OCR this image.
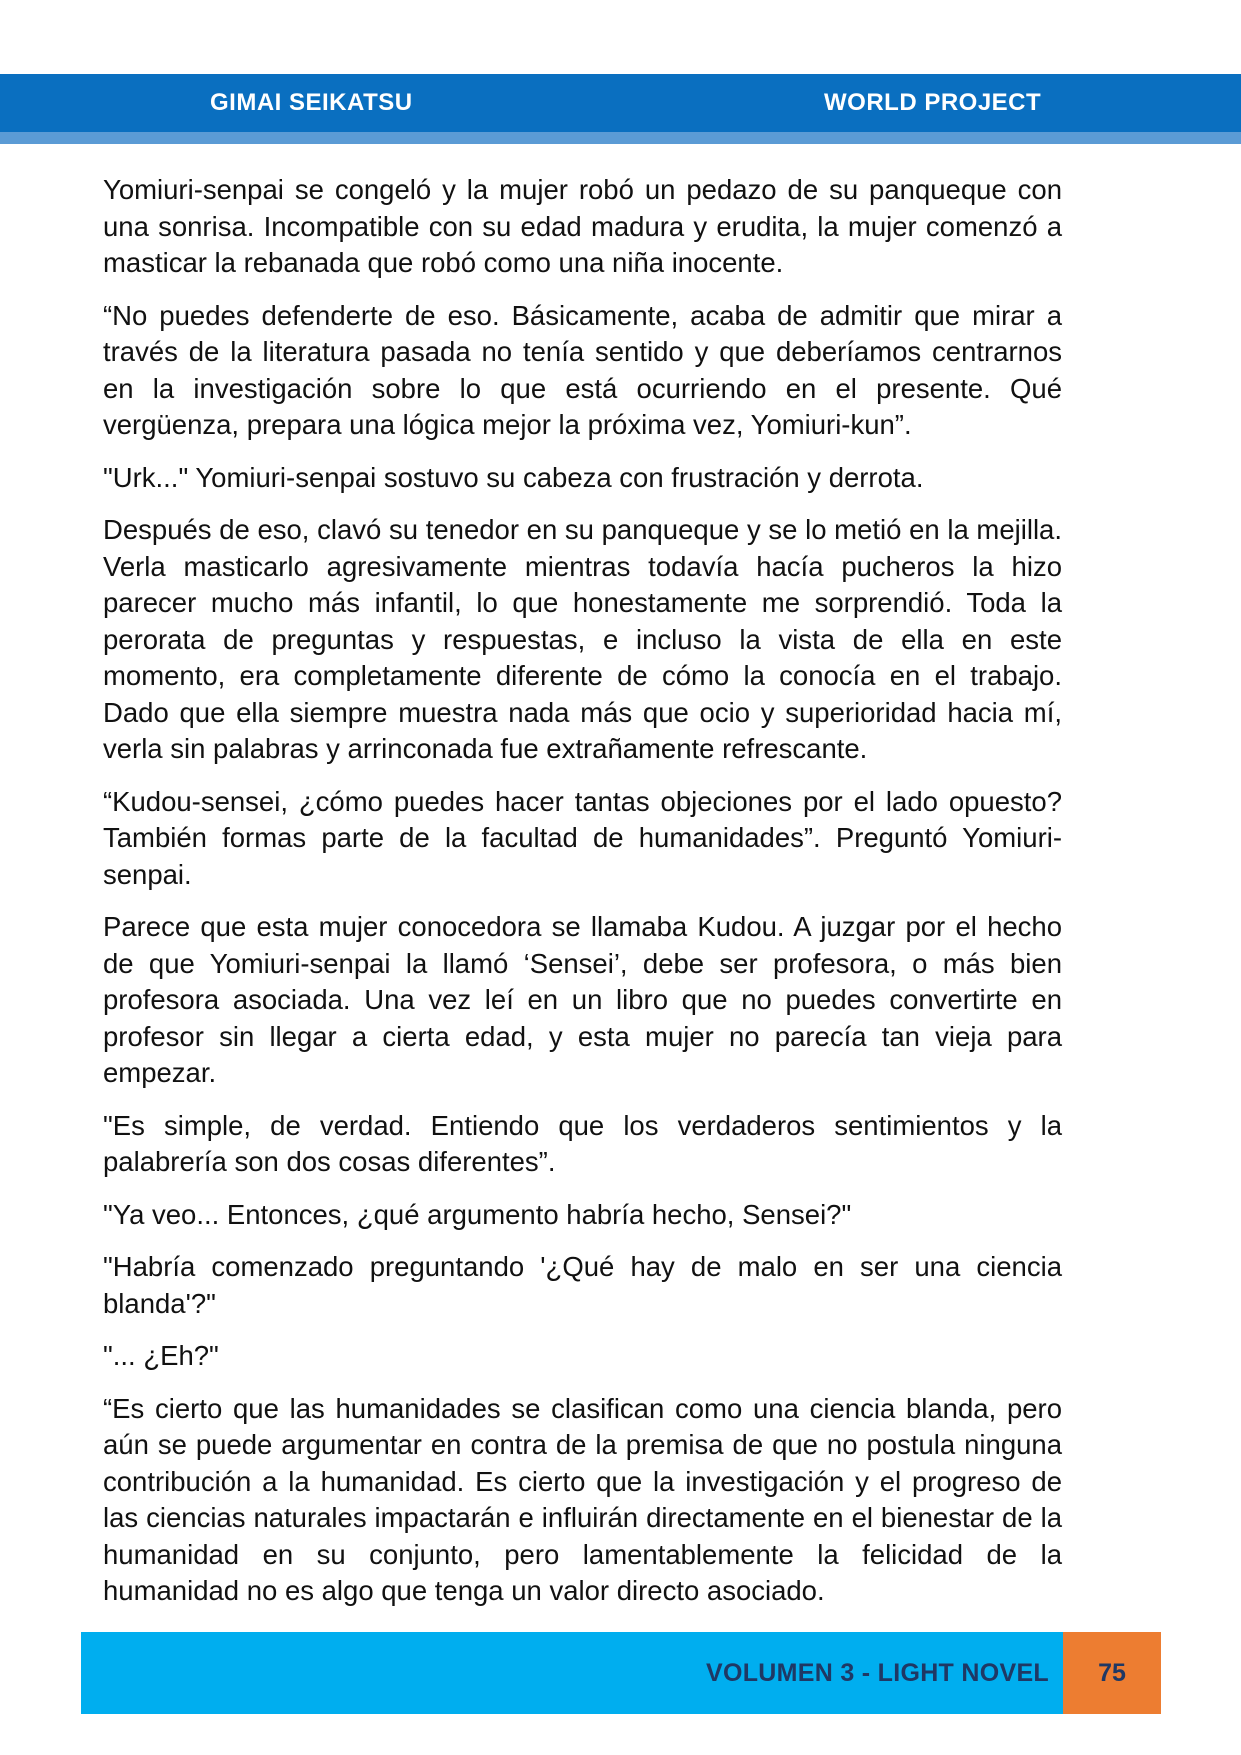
GIMAI SEIKATSU	WORLD PROJECT

Yomiuri-senpai se congeló y la mujer robó un pedazo de su panqueque con una sonrisa. Incompatible con su edad madura y erudita, la mujer comenzó a masticar la rebanada que robó como una niña inocente.

“No puedes defenderte de eso. Básicamente, acaba de admitir que mirar a través de la literatura pasada no tenía sentido y que deberíamos centrarnos en la investigación sobre lo que está ocurriendo en el presente. Qué vergüenza, prepara una lógica mejor la próxima vez, Yomiuri-kun”.

"Urk..." Yomiuri-senpai sostuvo su cabeza con frustración y derrota.

Después de eso, clavó su tenedor en su panqueque y se lo metió en la mejilla. Verla masticarlo agresivamente mientras todavía hacía pucheros la hizo parecer mucho más infantil, lo que honestamente me sorprendió. Toda la perorata de preguntas y respuestas, e incluso la vista de ella en este momento, era completamente diferente de cómo la conocía en el trabajo. Dado que ella siempre muestra nada más que ocio y superioridad hacia mí, verla sin palabras y arrinconada fue extrañamente refrescante.

“Kudou-sensei, ¿cómo puedes hacer tantas objeciones por el lado opuesto? También formas parte de la facultad de humanidades”. Preguntó Yomiuri-senpai.

Parece que esta mujer conocedora se llamaba Kudou. A juzgar por el hecho de que Yomiuri-senpai la llamó ‘Sensei’, debe ser profesora, o más bien profesora asociada. Una vez leí en un libro que no puedes convertirte en profesor sin llegar a cierta edad, y esta mujer no parecía tan vieja para empezar.

"Es simple, de verdad. Entiendo que los verdaderos sentimientos y la palabrería son dos cosas diferentes”.

"Ya veo... Entonces, ¿qué argumento habría hecho, Sensei?"

"Habría comenzado preguntando '¿Qué hay de malo en ser una ciencia blanda'?"

"... ¿Eh?"

“Es cierto que las humanidades se clasifican como una ciencia blanda, pero aún se puede argumentar en contra de la premisa de que no postula ninguna contribución a la humanidad. Es cierto que la investigación y el progreso de las ciencias naturales impactarán e influirán directamente en el bienestar de la humanidad en su conjunto, pero lamentablemente la felicidad de la humanidad no es algo que tenga un valor directo asociado.

VOLUMEN 3 - LIGHT NOVEL	75
